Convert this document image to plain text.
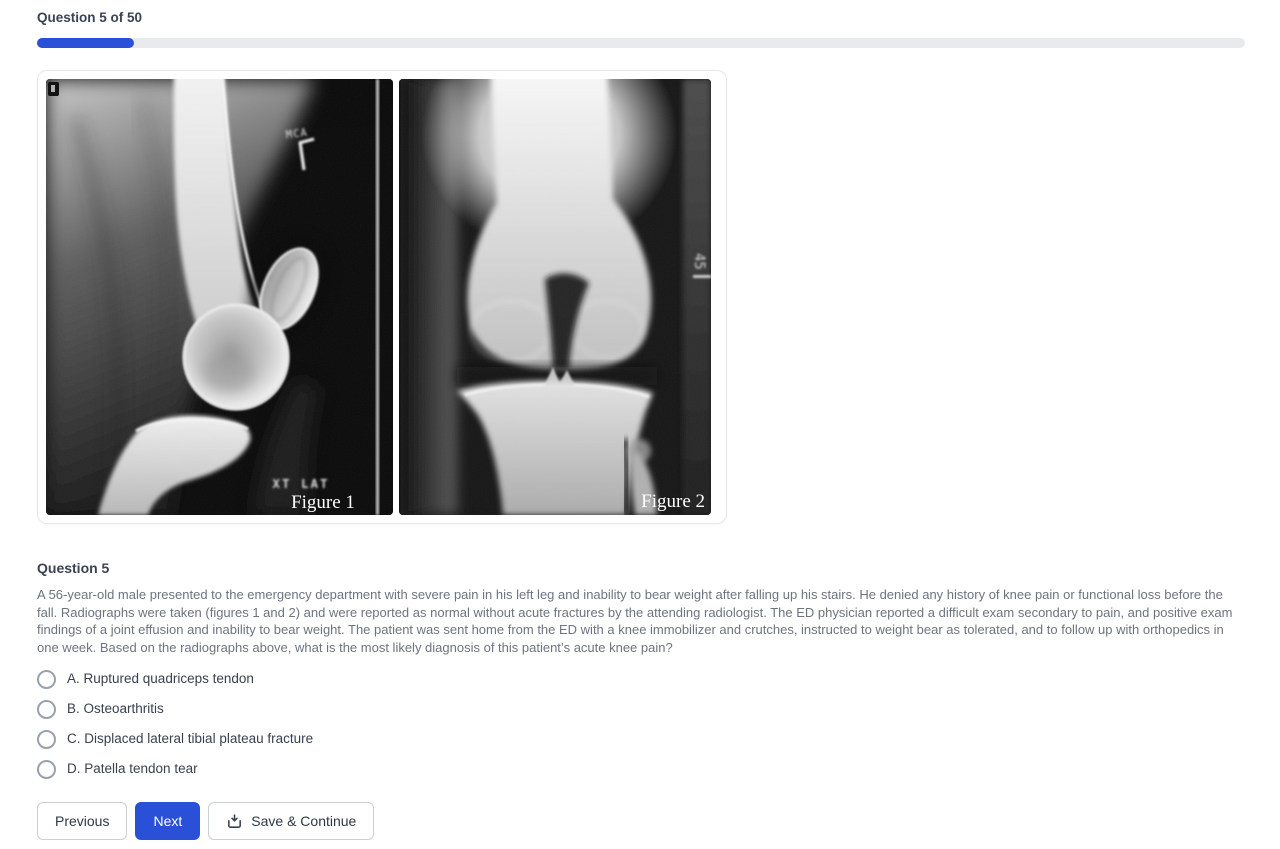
Question 5 of 50
MCA
XT LAT
Figure 1
45
Figure 2
Question 5

A 56-year-old male presented to the emergency department with severe pain in his left leg and inability to bear weight after falling up his stairs. He denied any history of knee pain or functional loss before the fall. Radiographs were taken (figures 1 and 2) and were reported as normal without acute fractures by the attending radiologist. The ED physician reported a difficult exam secondary to pain, and positive exam findings of a joint effusion and inability to bear weight. The patient was sent home from the ED with a knee immobilizer and crutches, instructed to weight bear as tolerated, and to follow up with orthopedics in one week. Based on the radiographs above, what is the most likely diagnosis of this patient’s acute knee pain?

A. Ruptured quadriceps tendon
B. Osteoarthritis
C. Displaced lateral tibial plateau fracture
D. Patella tendon tear
Previous	Next	Save & Continue
